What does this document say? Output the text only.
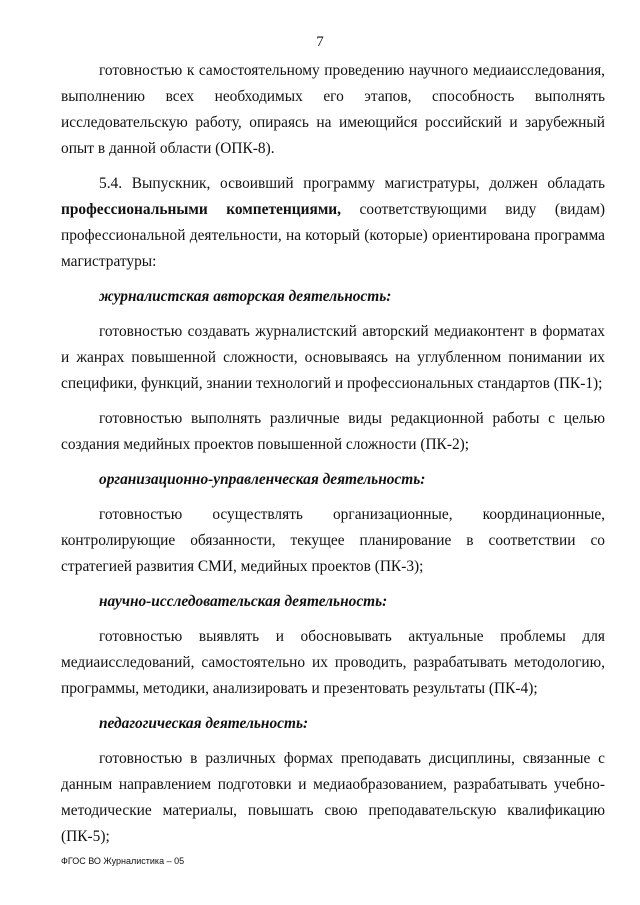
7

готовностью к самостоятельному проведению научного медиаисследования, выполнению всех необходимых его этапов, способность выполнять исследовательскую работу, опираясь на имеющийся российский и зарубежный опыт в данной области (ОПК-8).

5.4. Выпускник, освоивший программу магистратуры, должен обладать профессиональными компетенциями, соответствующими виду (видам) профессиональной деятельности, на который (которые) ориентирована программа магистратуры:

журналистская авторская деятельность:

готовностью создавать журналистский авторский медиаконтент в форматах и жанрах повышенной сложности, основываясь на углубленном понимании их специфики, функций, знании технологий и профессиональных стандартов (ПК-1);

готовностью выполнять различные виды редакционной работы с целью создания медийных проектов повышенной сложности (ПК-2);

организационно-управленческая деятельность:

готовностью осуществлять организационные, координационные, контролирующие обязанности, текущее планирование в соответствии со стратегией развития СМИ, медийных проектов (ПК-3);

научно-исследовательская деятельность:

готовностью выявлять и обосновывать актуальные проблемы для медиаисследований, самостоятельно их проводить, разрабатывать методологию, программы, методики, анализировать и презентовать результаты (ПК-4);

педагогическая деятельность:

готовностью в различных формах преподавать дисциплины, связанные с данным направлением подготовки и медиаобразованием, разрабатывать учебно-методические материалы, повышать свою преподавательскую квалификацию (ПК-5);

ФГОС ВО Журналистика – 05
